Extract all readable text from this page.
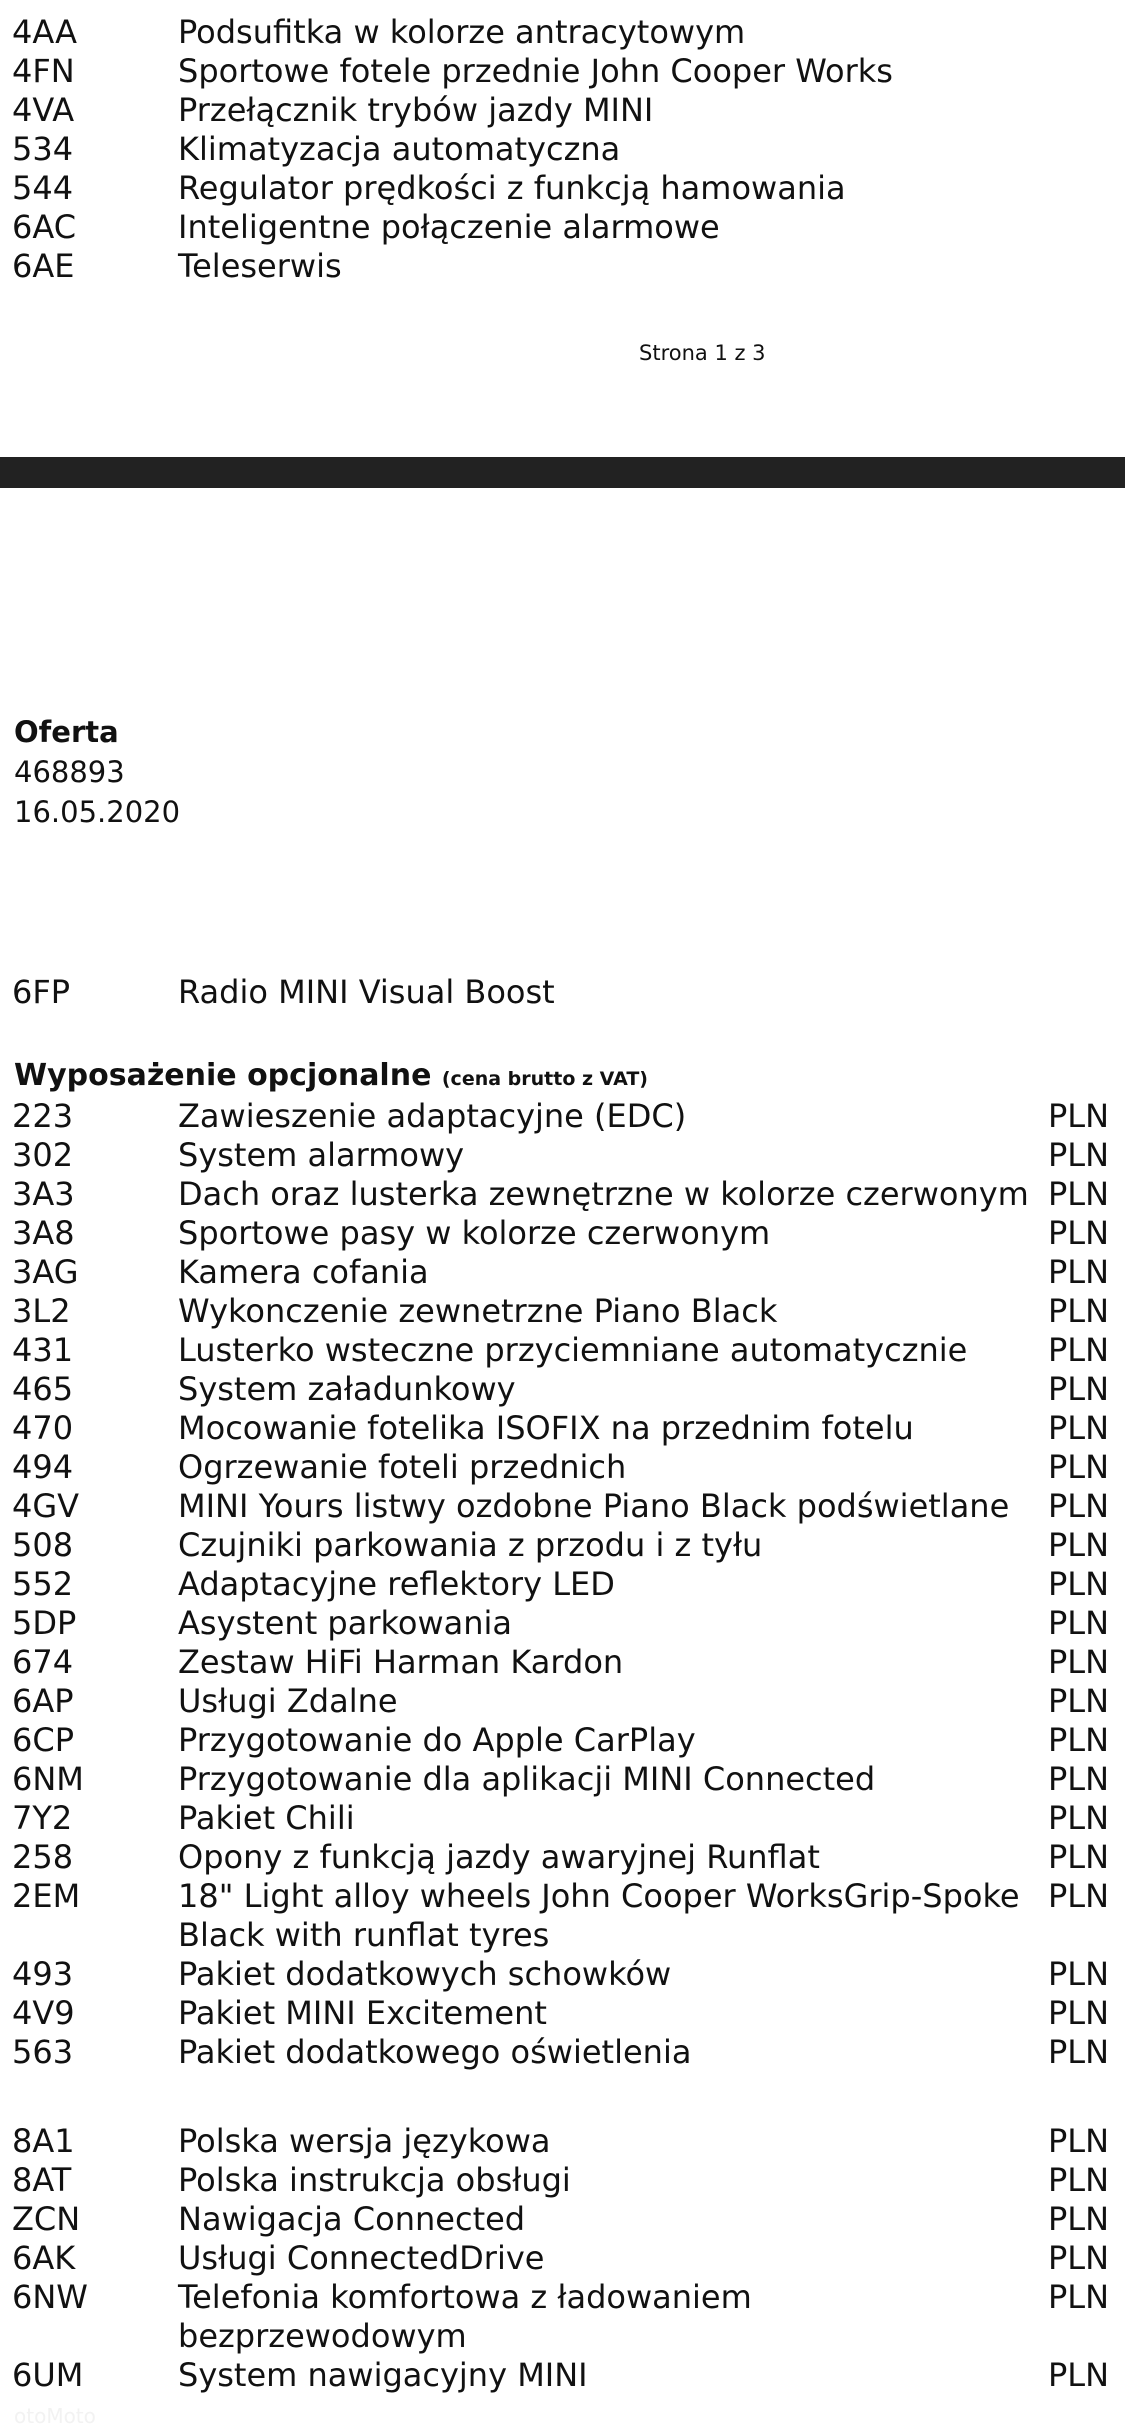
4AA	Podsufitka w kolorze antracytowym
4FN	Sportowe fotele przednie John Cooper Works
4VA	Przełącznik trybów jazdy MINI
534	Klimatyzacja automatyczna
544	Regulator prędkości z funkcją hamowania
6AC	Inteligentne połączenie alarmowe
6AE	Teleserwis
Strona 1 z 3
Oferta
468893
16.05.2020
6FP	Radio MINI Visual Boost
Wyposażenie opcjonalne (cena brutto z VAT)
223	Zawieszenie adaptacyjne (EDC)	PLN
302	System alarmowy	PLN
3A3	Dach oraz lusterka zewnętrzne w kolorze czerwonym PLN
3A8	Sportowe pasy w kolorze czerwonym	PLN
3AG	Kamera cofania	PLN
3L2	Wykonczenie zewnetrzne Piano Black	PLN
431	Lusterko wsteczne przyciemniane automatycznie	PLN
465	System załadunkowy	PLN
470	Mocowanie fotelika ISOFIX na przednim fotelu	PLN
494	Ogrzewanie foteli przednich	PLN
4GV	MINI Yours listwy ozdobne Piano Black podświetlane	PLN
508	Czujniki parkowania z przodu i z tyłu	PLN
552	Adaptacyjne reflektory LED	PLN
5DP	Asystent parkowania	PLN
674	Zestaw HiFi Harman Kardon	PLN
6AP	Usługi Zdalne	PLN
6CP	Przygotowanie do Apple CarPlay	PLN
6NM	Przygotowanie dla aplikacji MINI Connected	PLN
7Y2	Pakiet Chili	PLN
258	Opony z funkcją jazdy awaryjnej Runflat	PLN
2EM	18" Light alloy wheels John Cooper WorksGrip-Spoke Black with runflat tyres
PLN
493	Pakiet dodatkowych schowków	PLN
4V9	Pakiet MINI Excitement	PLN
563	Pakiet dodatkowego oświetlenia	PLN
8A1	Polska wersja językowa	PLN
8AT	Polska instrukcja obsługi	PLN
ZCN	Nawigacja Connected	PLN
6AK	Usługi ConnectedDrive	PLN
6NW	Telefonia komfortowa z ładowaniem bezprzewodowym
PLN
6UM	System nawigacyjny MINI	PLN
otoMoto
